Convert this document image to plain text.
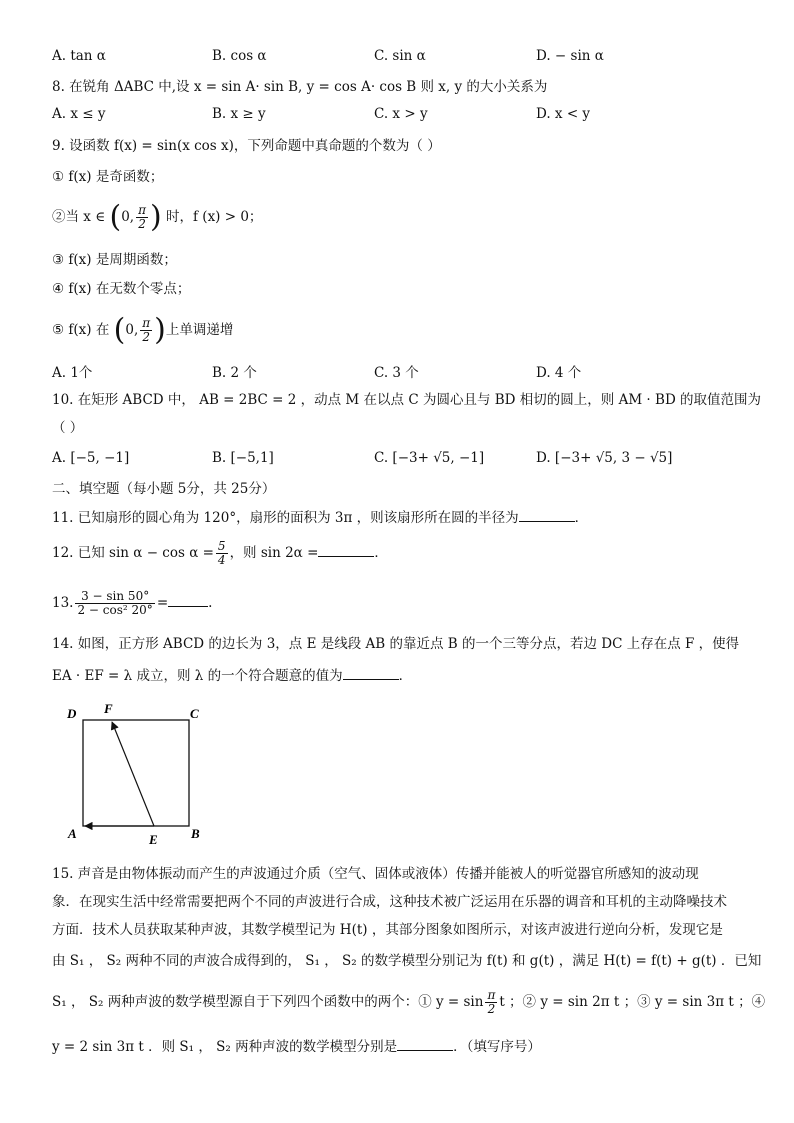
A. tan α	B. cos α	C. sin α	D. − sin α
8. 在锐角 ΔABC 中,设 x = sin A· sin B, y = cos A· cos B 则 x, y 的大小关系为
A. x ≤ y	B. x ≥ y	C. x > y	D. x < y
9. 设函数 f(x) = sin(x cos x)，下列命题中真命题的个数为（ ）
① f(x) 是奇函数；
②当 x ∈ (0, $\frac{\pi}{2}$ ) 时，f (x) > 0；
③ f(x) 是周期函数；
④ f(x) 在无数个零点；
⑤ f(x) 在 (0, $\frac{\pi}{2}$ )上单调递增
A. 1个	B. 2 个	C. 3 个	D. 4 个
10. 在矩形 ABCD 中， AB = 2BC = 2 ，动点 M 在以点 C 为圆心且与 BD 相切的圆上，则 AM · BD 的取值范围为
（ ）
A. [−5, −1]	B. [−5,1]	C. [−3+ √5, −1]	D. [−3+ √5, 3 − √5]
二、填空题（每小题 5分，共 25分）
11. 已知扇形的圆心角为 120°，扇形的面积为 3π ，则该扇形所在圆的半径为	．
12. 已知 $\sin \alpha - \cos \alpha = \frac{5}{4}$ ，则 sin 2α =	．
13. $\frac{3 - \sin 50^\circ}{\text{2 − cos² 20°}}$ =	.
14. 如图，正方形 ABCD 的边长为 3，点 E 是线段 AB 的靠近点 B 的一个三等分点，若边 DC 上存在点 F ，使得
EA · EF = λ 成立，则 λ 的一个符合题意的值为	．
D F	C
A	E	B
15. 声音是由物体振动而产生的声波通过介质（空气、固体或液体）传播并能被人的听觉器官所感知的波动现
象．在现实生活中经常需要把两个不同的声波进行合成，这种技术被广泛运用在乐器的调音和耳机的主动降噪技术
方面．技术人员获取某种声波，其数学模型记为 H(t) ，其部分图象如图所示，对该声波进行逆向分析，发现它是
由 S₁ ， S₂ 两种不同的声波合成得到的， S₁ ， S₂ 的数学模型分别记为 f(t) 和 g(t) ，满足 H(t) = f(t) + g(t) ．已知
S₁ ， S₂ 两种声波的数学模型源自于下列四个函数中的两个：① $y = \sin \frac{\pi}{2}$ t ；② y = sin 2π t ；③ y = sin 3π t ；④
y = 2 sin 3π t ．则 S₁ ， S₂ 两种声波的数学模型分别是	．（填写序号）
